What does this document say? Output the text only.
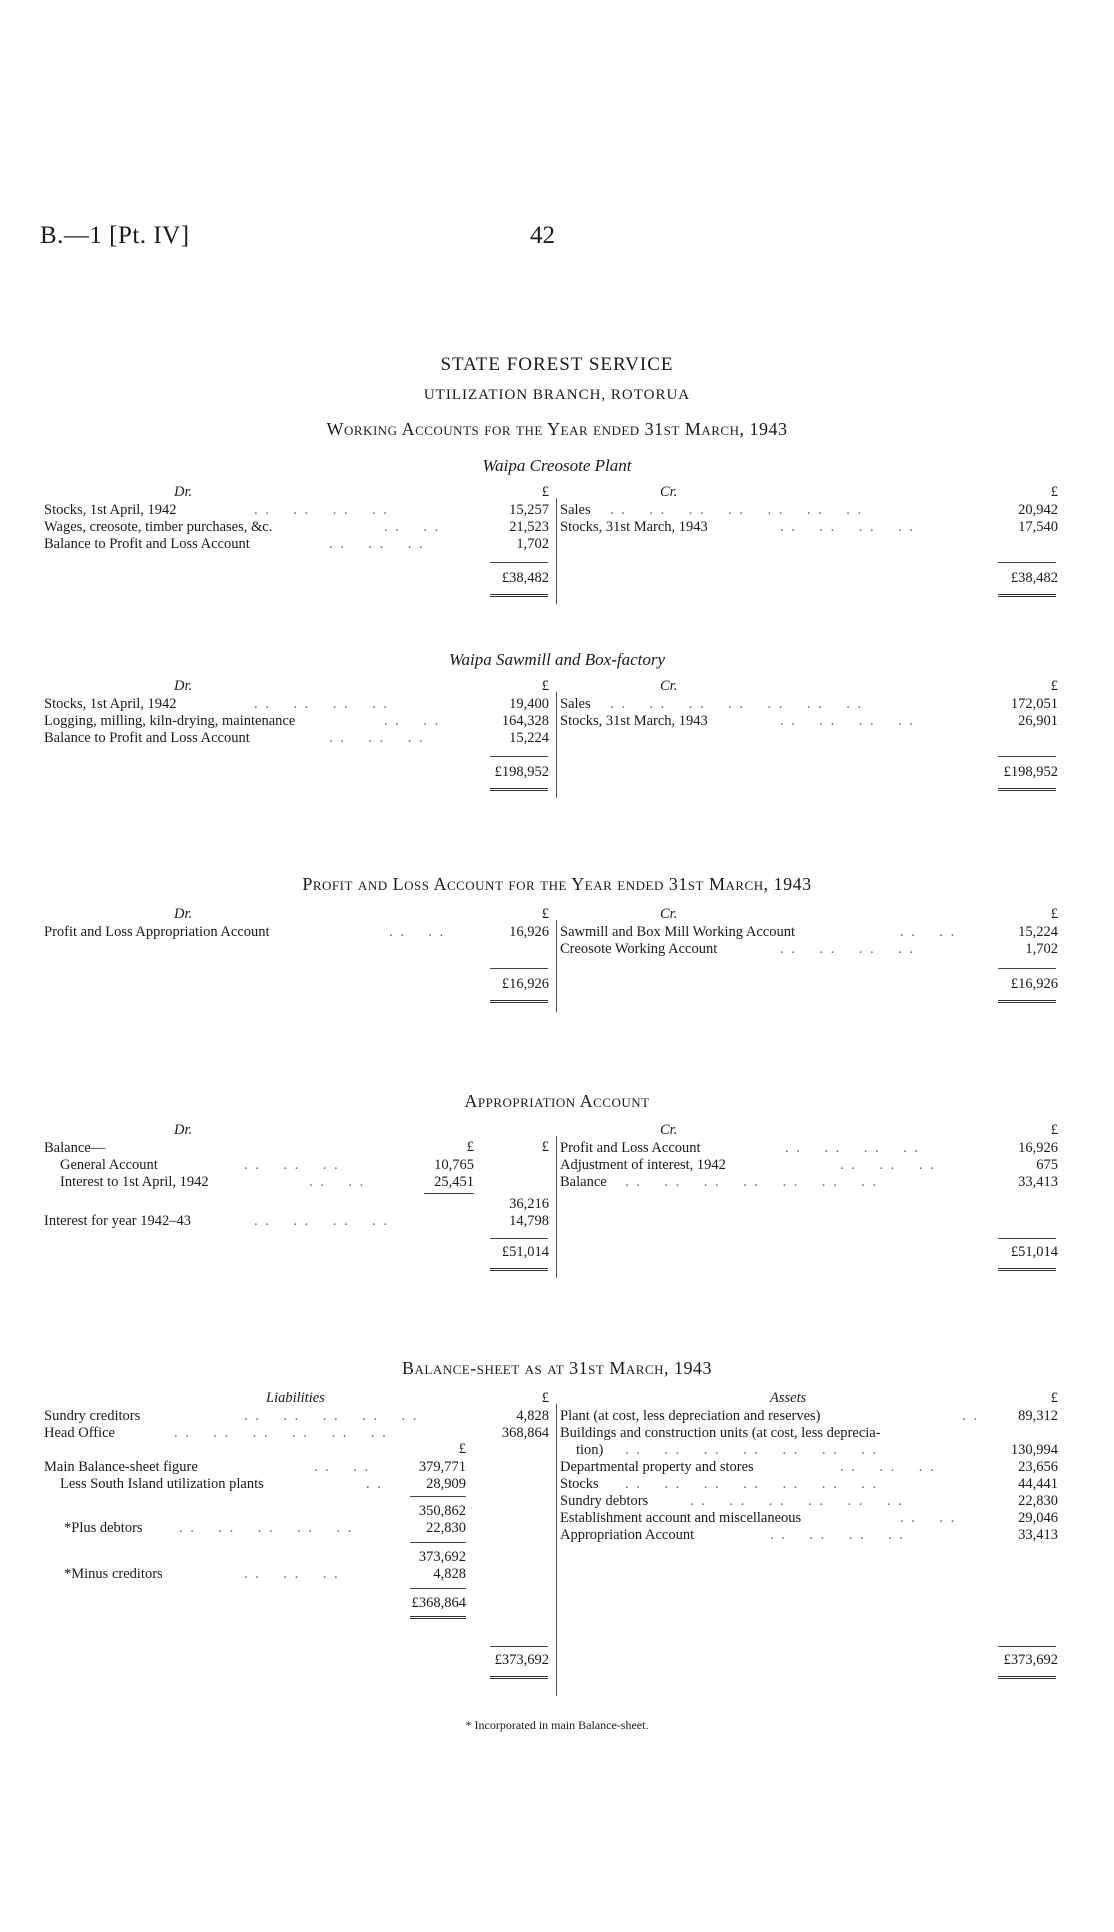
B.—1 [Pt. IV]	42
STATE FOREST SERVICE
UTILIZATION BRANCH, ROTORUA
Working Accounts for the Year ended 31st March, 1943
Waipa Creosote Plant
Dr.	£
Stocks, 1st April, 1942	. .    . .    . .    . .	15,257
Wages, creosote, timber purchases, &c.	. .    . .	21,523
Balance to Profit and Loss Account	. .    . .    . .	1,702
£38,482
Cr.	£
Sales . .    . .    . .    . .    . .    . .    . .	20,942
Stocks, 31st March, 1943	. .    . .    . .    . .	17,540
£38,482
Waipa Sawmill and Box-factory
Dr.	£
Stocks, 1st April, 1942	. .    . .    . .    . .	19,400
Logging, milling, kiln-drying, maintenance	. .    . .	164,328
Balance to Profit and Loss Account	. .    . .    . .	15,224
£198,952
Cr.	£
Sales . .    . .    . .    . .    . .    . .    . .	172,051
Stocks, 31st March, 1943	. .    . .    . .    . .	26,901
£198,952
Profit and Loss Account for the Year ended 31st March, 1943
Dr.	£
Profit and Loss Appropriation Account	. .    . .	16,926
£16,926
Cr.	£
Sawmill and Box Mill Working Account	. .    . .	15,224
Creosote Working Account	. .    . .    . .    . .	1,702
£16,926
Appropriation Account
Dr.
£	£
Balance—
General Account	. .    . .    . .	10,765
Interest to 1st April, 1942	. .    . .	25,451
36,216
Interest for year 1942–43	. .    . .    . .    . .	14,798
£51,014
Cr.	£
Profit and Loss Account	. .    . .    . .    . .	16,926
Adjustment of interest, 1942	. .    . .    . .	675
Balance . .    . .    . .    . .    . .    . .    . .	33,413
£51,014
Balance-sheet as at 31st March, 1943
Liabilities	£
Sundry creditors	. .    . .    . .    . .    . .	4,828
Head Office	. .    . .    . .    . .    . .    . .	368,864
£
Main Balance-sheet figure	. .    . .	379,771
Less South Island utilization plants	. .	28,909
350,862
*Plus debtors	. .    . .    . .    . .    . .	22,830
373,692
*Minus creditors	. .    . .    . .	4,828
£368,864
£373,692
Assets	£
Plant (at cost, less depreciation and reserves)	. .	89,312
Buildings and construction units (at cost, less deprecia-
tion) . .    . .    . .    . .    . .    . .    . .	130,994
Departmental property and stores	. .    . .    . .	23,656
Stocks . .    . .    . .    . .    . .    . .    . .	44,441
Sundry debtors	. .    . .    . .    . .    . .    . .	22,830
Establishment account and miscellaneous	. .    . .	29,046
Appropriation Account	. .    . .    . .    . .	33,413
£373,692
* Incorporated in main Balance-sheet.
